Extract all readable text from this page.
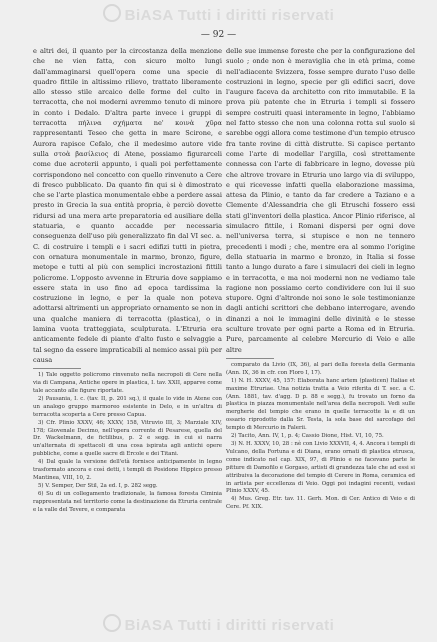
BiASA Tutti i diritti riservati
— 92 —

e altri dei, il quanto per la circostanza della menzione che ne vien fatta, con sicuro molto lungi dall'ammaginarsi quell'opera come una specie di quadro fittile in altissimo rilievo, trattato liberamente allo stesso stile arcaico delle forme del culto in terracotta, che noi moderni avremmo tenuto di minore in conto i Dedalo. D'altra parte invece i gruppi di terracotta πήλινα σχήματα ne' κοινὰ χῦρα rappresentanti Teseo che getta in mare Scirone, e Aurora rapisce Cefalo, che il medesimo autore vide sulla στοὰ βασίλειος di Atene, possiamo figurarceli come due acroterii appunto, i quali poi perfettamente corrispondono nel concetto con quello rinvenuto a Cere di fresco pubblicato. Da quanto fin qui si è dimostrato che se l'arte plastica monumentale ebbe a perdere assai presto in Grecia la sua entità propria, è perciò dovette ridursi ad una mera arte preparatoria ed ausiliare della statuaria, e quanto accadde per necessaria conseguenza dell'uso più generalizzato fin dal VI sec. a. C. di costruire i templi e i sacri edifizi tutti in pietra, con ornatura monumentale in marmo, bronzo, figure, metope e tutti al più con semplici incrostazioni fittili policrome. L'opposto avvenne in Etruria dove sappiamo essere stata in uso fino ad epoca tardissima la costruzione in legno, e per la quale non poteva adottarsi altrimenti un appropriato ornamento se non in una qualche maniera di terracotta (plastica), o in lamina vuota tratteggiata, sculpturata. L'Etruria era anticamente fedele di piante d'alto fusto e selvaggie a tal segno da essere impraticabili al nemico assai più per causa

1) Tale oggetto policromo rinvenuto nella necropoli di Cere nella via di Campana, Antiche opere in plastica, I. tav. XXII, apparve come tale accanto alle figure riportate.

2) Pausania, I. c. (tav. II, p. 201 sq.), il quale lo vide in Atene con un analogo gruppo marmoreo esistente in Delo, e in un'altra di terracotta scoperta a Cere presso Capua.

3) Cfr. Plinio XXXV, 46; XXXV, 158, Vitruvio III, 3; Marziale XIV, 178; Giovenale Decimo, nell'opera corrente di Pesarese, quella del Dr. Wackelmann, de fictilibus, p. 2 e segg. in cui si narra un'alternata di spettacoli di una cosa ispirata agli antichi opere pubbliche, come a quelle sacre di Ercole e dei Titani.

4) Dal quale la versione dell'età fornisce anticipamente in legno trasformato ancora e così detti, i templi di Posidone Hippico presso Mantinea, VIII, 10, 2.

5) V. Semper, Der Stil, 2a ed. I, p. 282 segg.

6) Su di un collegamento tradizionale, la famosa foresta Ciminia rappresentata nel territorio come la destinazione da Etruria centrale e la valle del Tevere, e comparata

delle sue immense foreste che per la configurazione del suolo ; onde non è meraviglia che in età prima, come nell'adiacente Svizzera, fosse sempre durato l'uso delle costruzioni in legno, specie per gli edifici sacri, dove l'augure faceva da architetto con rito immutabile. E la prova più patente che in Etruria i templi si fossero sempre costruiti quasi interamente in legno, l'abbiamo nel fatto stesso che non una colonna rotta sul suolo si sarebbe oggi allora come testimone d'un tempio etrusco fra tante rovine di città distrutte. Si capisce pertanto come l'arte di modellar l'argilla, così strettamente connessa con l'arte di fabbricare in legno, dovesse più che altrove trovare in Etruria uno largo via di sviluppo, e qui ricevesse infatti quella elaborazione massima, attesa da Plinio, e tanto da far credere a Taziano e a Clemente d'Alessandria che gli Etruschi fossero essi stati gl'inventori della plastica. Ancor Plinio riferisce, al simulacro fittile, i Romani dispersi per ogni dove nell'universa terra, si stupisce e non ne tennero precedenti i modi ; che, mentre era al sommo l'origine della statuaria in marmo e bronzo, in Italia si fosse tanto a lungo durato a fare i simulacri dei cieli in legno e in terracotta, e ma noi moderni non ne vediamo tale ragione non possiamo certo condividere con lui il suo stupore. Ogni d'altronde noi sono le sole testimonianze dagli antichi scrittori che debbano interrogare, avendo dinanzi a noi le immagini delle divinità e le stesse sculture trovate per ogni parte a Roma ed in Etruria. Pure, parcamente al celebre Mercurio di Veio e alle altre

comparato da Livio (IX, 36), al pari della foresta della Germania (Ann. IX, 36 in cfr. con Floro I, 17).

1) N. H. XXXV, 45, 157: Elaborata hanc artem (plasticen) Italiae et maxime Etruriae. Una notizia tratta a Veio riferita di T. sec. a C. (Ann. 1881, tav. d'agg. D p. 88 e segg.), fu trovato un forno da plastica in piazza monumentale nell'area della necropoli. Vedi sulle mergherie del tempio che erano in quelle terracotte la e di un ossario riprodotto dalla Sr. Testa, la sola base del sarcofago del tempio di Mercurio in Falerii.

2) Tacito, Ann. IV, 1, p. 4; Cassio Dione, Hist. VI, 10, 75.

3) N. H. XXXV, 10, 28 : nè con Livio XXXVII, 4, 4. Ancora i templi di Vulcano, della Fortuna e di Diana, erano ornati di plastica etrusca, come indicato nel cap. XIX, 97, di Plinio e ne facevano parte le pitture di Damofilo e Gorgaso, artisti di grandezza tale che ad essi si attribuiva la decorazione del tempio di Cerere in Roma, ceramica ed in artista per eccellenza di Veio. Oggi poi indagini recenti, vedasi Plinio XXXV, 45.

4) Mus. Greg. Etr. tav. 11. Gerh. Mon. di Cer. Antico di Veio e di Cere. Pf. XIX.

BiASA Tutti i diritti riservati
